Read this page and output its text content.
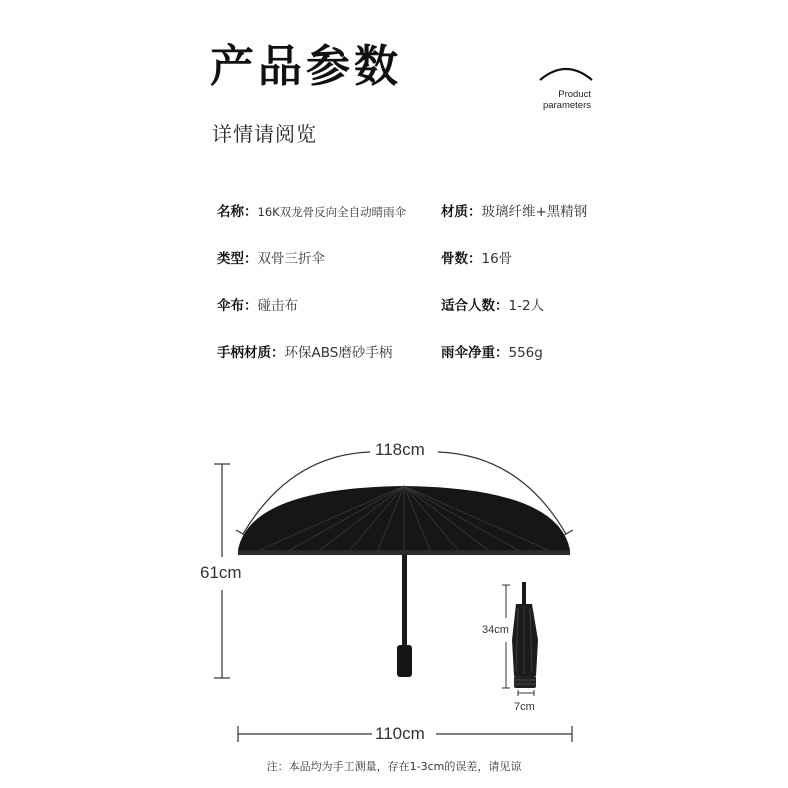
产品参数
Product
parameters
详情请阅览
名称：16K双龙骨反向全自动晴雨伞	材质：玻璃纤维+黑精钢
类型：双骨三折伞	骨数：16骨
伞布：碰击布	适合人数：1-2人
手柄材质：环保ABS磨砂手柄	雨伞净重：556g
118cm
61cm
34cm
7cm
110cm
注：本品均为手工测量，存在1-3cm的误差，请见谅
